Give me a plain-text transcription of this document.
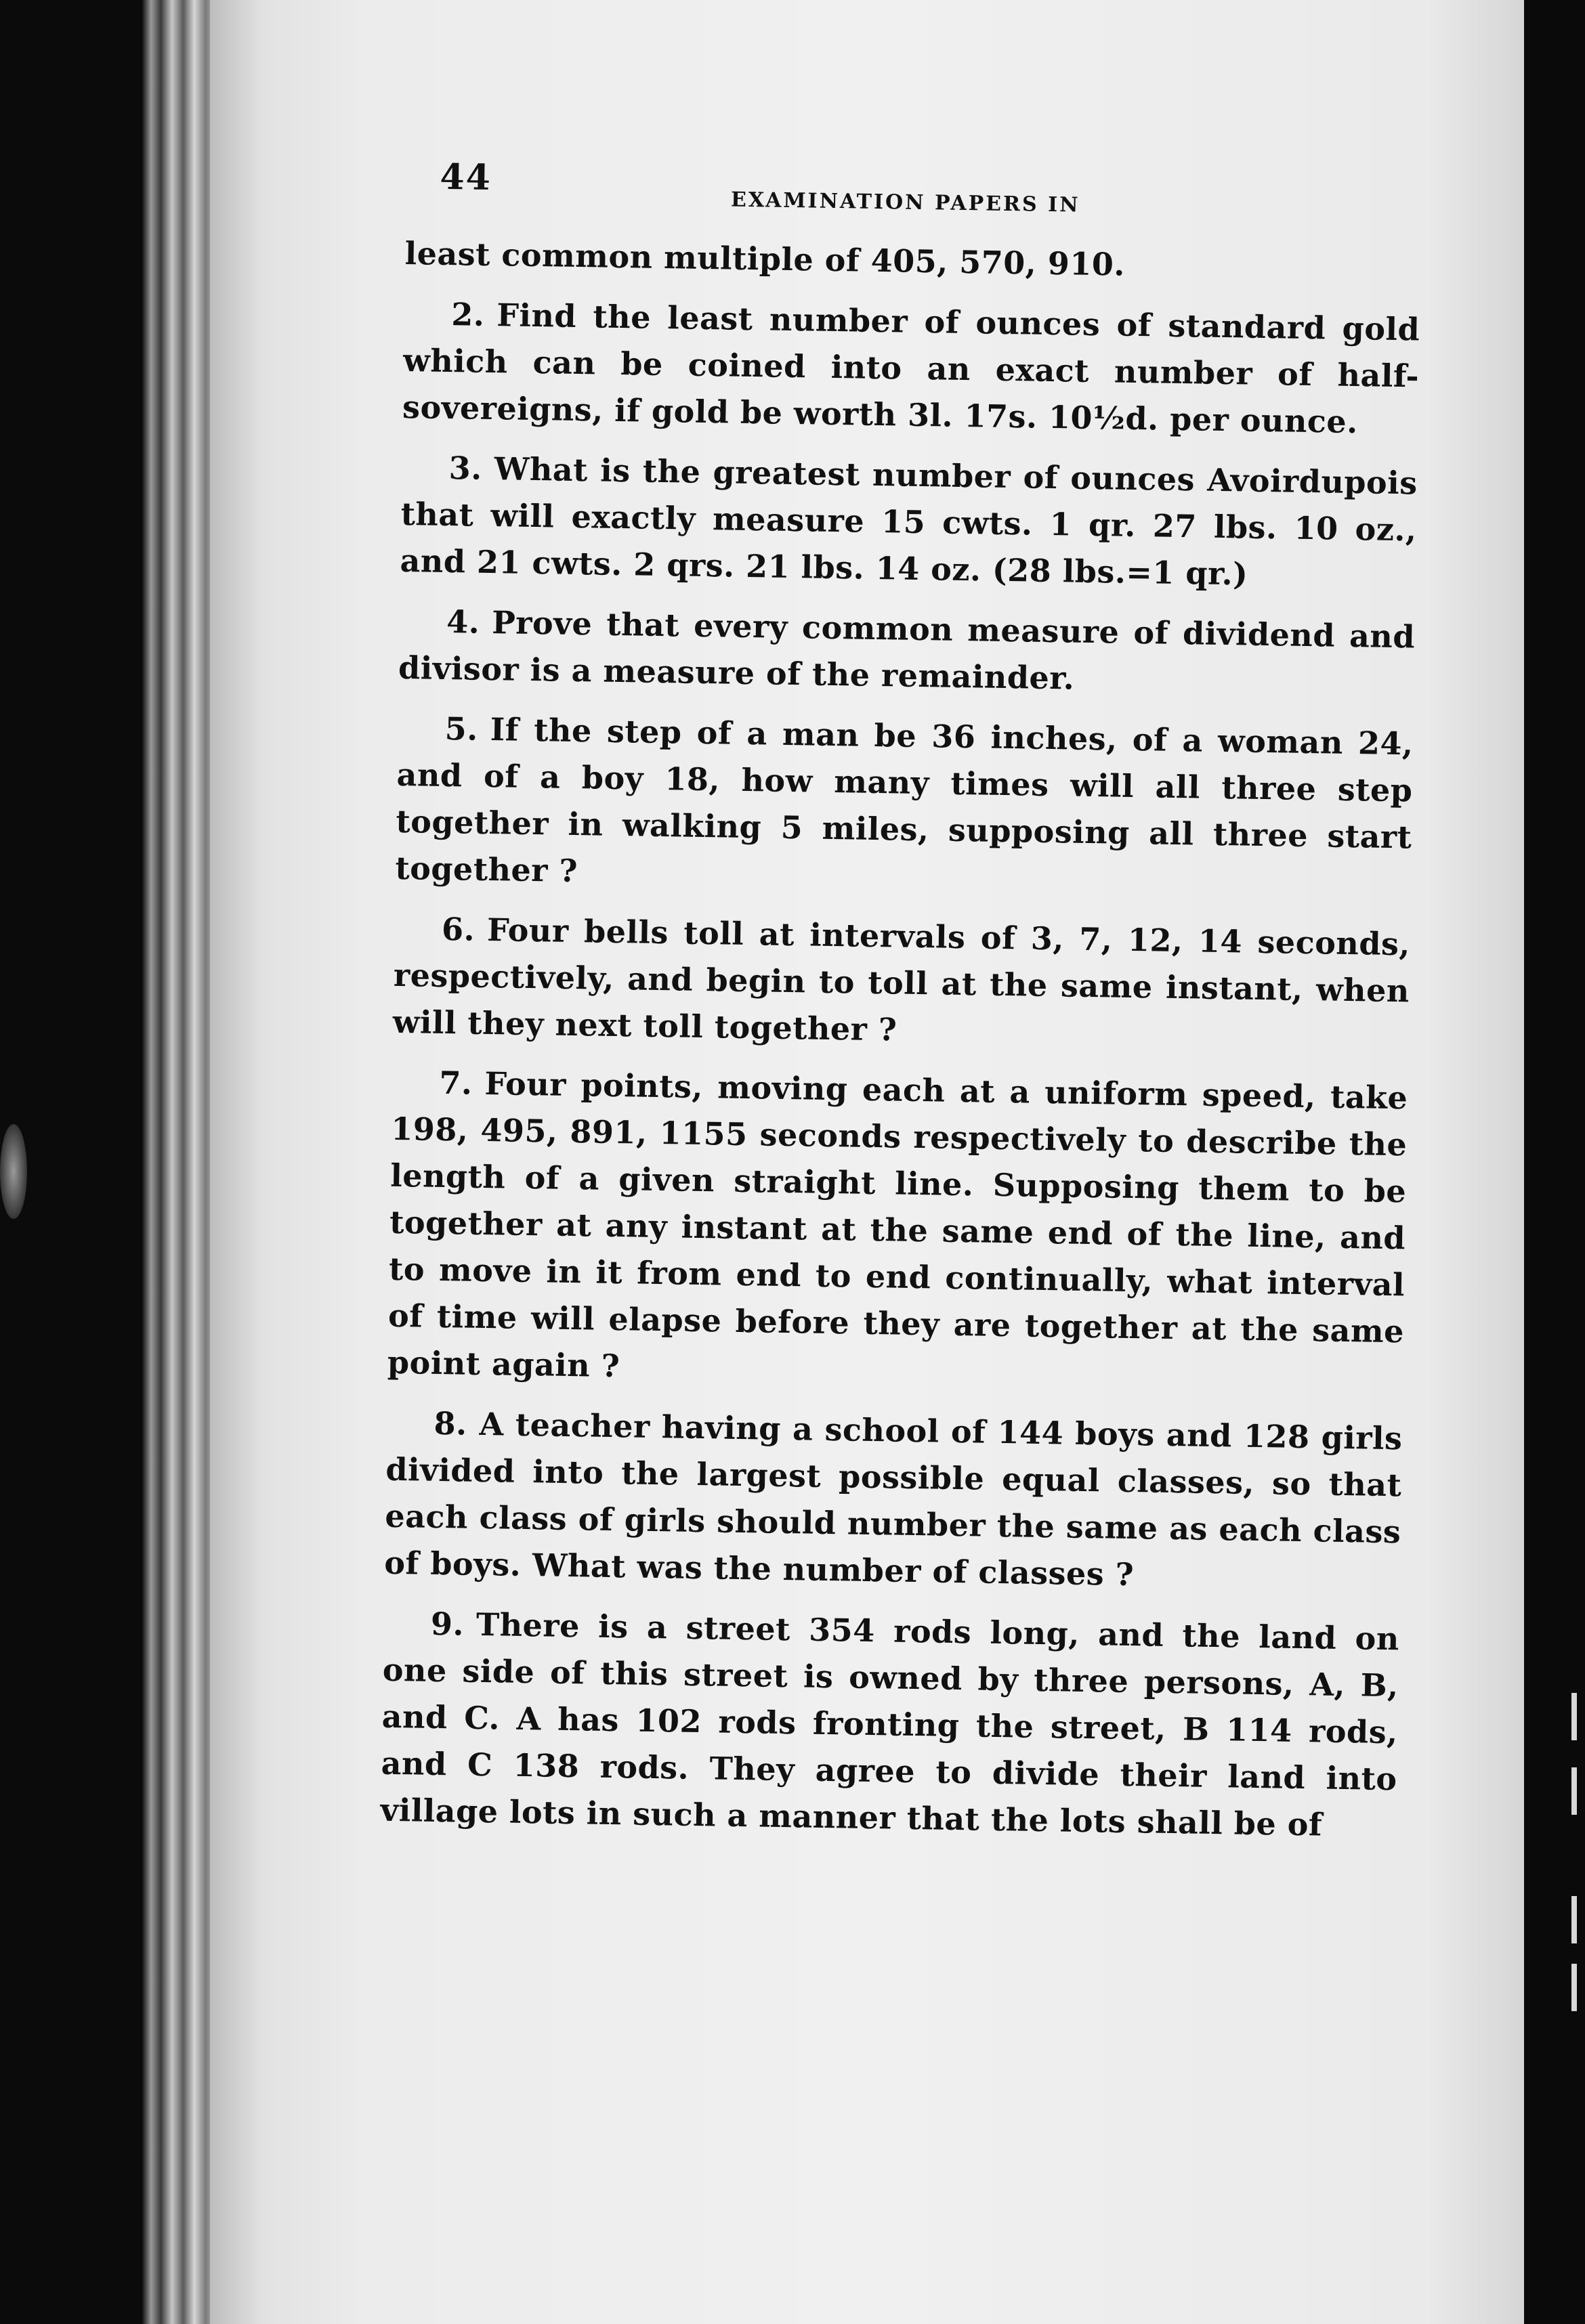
44
EXAMINATION PAPERS IN

least common multiple of 405, 570, 910.

2. Find the least number of ounces of standard gold which can be coined into an exact number of half-sovereigns, if gold be worth 3l. 17s. 10½d. per ounce.

3. What is the greatest number of ounces Avoirdupois that will exactly measure 15 cwts. 1 qr. 27 lbs. 10 oz., and 21 cwts. 2 qrs. 21 lbs. 14 oz. (28 lbs.=1 qr.)

4. Prove that every common measure of dividend and divisor is a measure of the remainder.

5. If the step of a man be 36 inches, of a woman 24, and of a boy 18, how many times will all three step together in walking 5 miles, supposing all three start together ?

6. Four bells toll at intervals of 3, 7, 12, 14 seconds, respectively, and begin to toll at the same instant, when will they next toll together ?

7. Four points, moving each at a uniform speed, take 198, 495, 891, 1155 seconds respectively to describe the length of a given straight line. Supposing them to be together at any instant at the same end of the line, and to move in it from end to end continually, what interval of time will elapse before they are together at the same point again ?

8. A teacher having a school of 144 boys and 128 girls divided into the largest possible equal classes, so that each class of girls should number the same as each class of boys. What was the number of classes ?

9. There is a street 354 rods long, and the land on one side of this street is owned by three persons, A, B, and C. A has 102 rods fronting the street, B 114 rods, and C 138 rods. They agree to divide their land into village lots in such a manner that the lots shall be of
